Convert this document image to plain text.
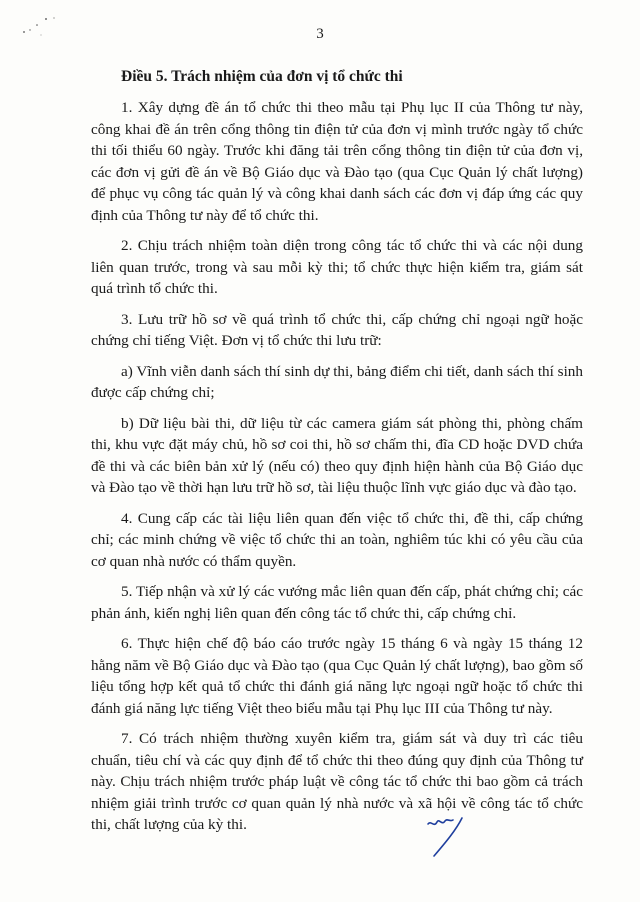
3
Điều 5. Trách nhiệm của đơn vị tổ chức thi

1. Xây dựng đề án tổ chức thi theo mẫu tại Phụ lục II của Thông tư này, công khai đề án trên cổng thông tin điện tử của đơn vị mình trước ngày tổ chức thi tối thiểu 60 ngày. Trước khi đăng tải trên cổng thông tin điện tử của đơn vị, các đơn vị gửi đề án về Bộ Giáo dục và Đào tạo (qua Cục Quản lý chất lượng) để phục vụ công tác quản lý và công khai danh sách các đơn vị đáp ứng các quy định của Thông tư này để tổ chức thi.

2. Chịu trách nhiệm toàn diện trong công tác tổ chức thi và các nội dung liên quan trước, trong và sau mỗi kỳ thi; tổ chức thực hiện kiểm tra, giám sát quá trình tổ chức thi.

3. Lưu trữ hồ sơ về quá trình tổ chức thi, cấp chứng chỉ ngoại ngữ hoặc chứng chỉ tiếng Việt. Đơn vị tổ chức thi lưu trữ:

a) Vĩnh viễn danh sách thí sinh dự thi, bảng điểm chi tiết, danh sách thí sinh được cấp chứng chỉ;

b) Dữ liệu bài thi, dữ liệu từ các camera giám sát phòng thi, phòng chấm thi, khu vực đặt máy chủ, hồ sơ coi thi, hồ sơ chấm thi, đĩa CD hoặc DVD chứa đề thi và các biên bản xử lý (nếu có) theo quy định hiện hành của Bộ Giáo dục và Đào tạo về thời hạn lưu trữ hồ sơ, tài liệu thuộc lĩnh vực giáo dục và đào tạo.

4. Cung cấp các tài liệu liên quan đến việc tổ chức thi, đề thi, cấp chứng chỉ; các minh chứng về việc tổ chức thi an toàn, nghiêm túc khi có yêu cầu của cơ quan nhà nước có thẩm quyền.

5. Tiếp nhận và xử lý các vướng mắc liên quan đến cấp, phát chứng chỉ; các phản ánh, kiến nghị liên quan đến công tác tổ chức thi, cấp chứng chỉ.

6. Thực hiện chế độ báo cáo trước ngày 15 tháng 6 và ngày 15 tháng 12 hằng năm về Bộ Giáo dục và Đào tạo (qua Cục Quản lý chất lượng), bao gồm số liệu tổng hợp kết quả tổ chức thi đánh giá năng lực ngoại ngữ hoặc tổ chức thi đánh giá năng lực tiếng Việt theo biểu mẫu tại Phụ lục III của Thông tư này.

7. Có trách nhiệm thường xuyên kiểm tra, giám sát và duy trì các tiêu chuẩn, tiêu chí và các quy định để tổ chức thi theo đúng quy định của Thông tư này. Chịu trách nhiệm trước pháp luật về công tác tổ chức thi bao gồm cả trách nhiệm giải trình trước cơ quan quản lý nhà nước và xã hội về công tác tổ chức thi, chất lượng của kỳ thi.
